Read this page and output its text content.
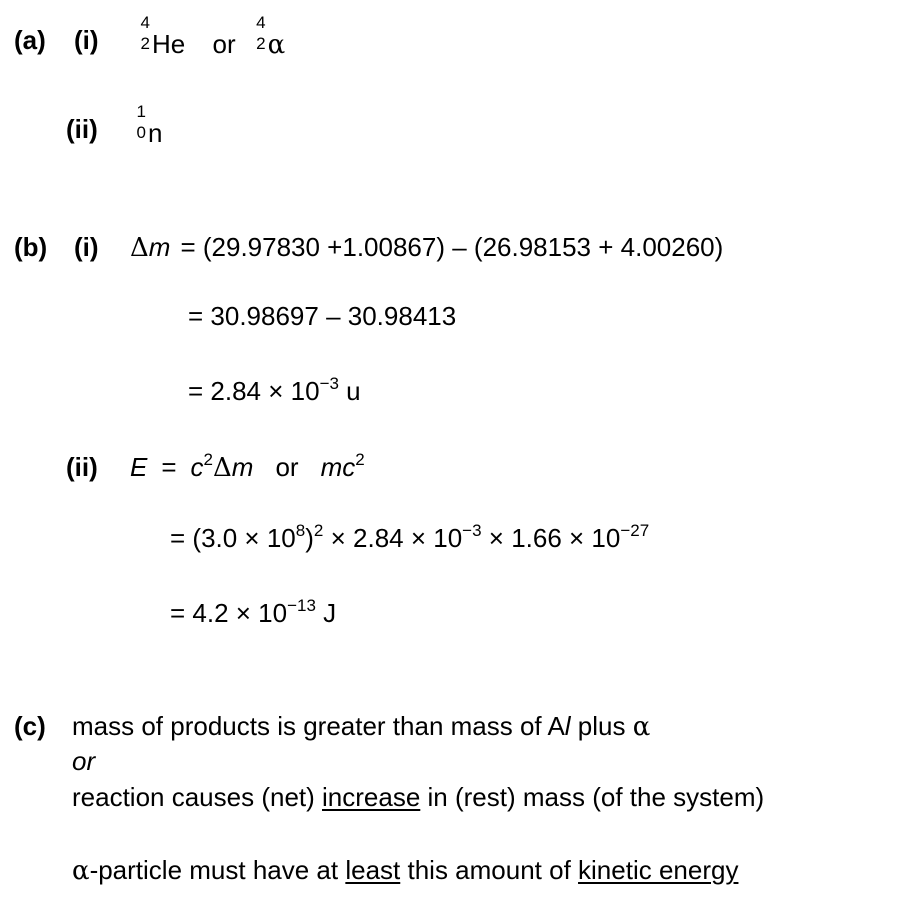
(a) (i)
4
2 He or
4
2 α
(ii)
1
0 n
(b) (i) Δm = (29.97830 +1.00867) – (26.98153 + 4.00260)
= 30.98697 – 30.98413
= $2.84 \times 10^{-3}$ u
(ii) $E = c^2\Delta m$ or $mc^2$
= $(3.0 \times 10^8)^2 \times 2.84 \times 10^{-3} \times 1.66 \times 10^{-27}$
= $4.2 \times 10^{-13}$ J
(c) mass of products is greater than mass of Al plus α
or
reaction causes (net) increase in (rest) mass (of the system)
α-particle must have at least this amount of kinetic energy
